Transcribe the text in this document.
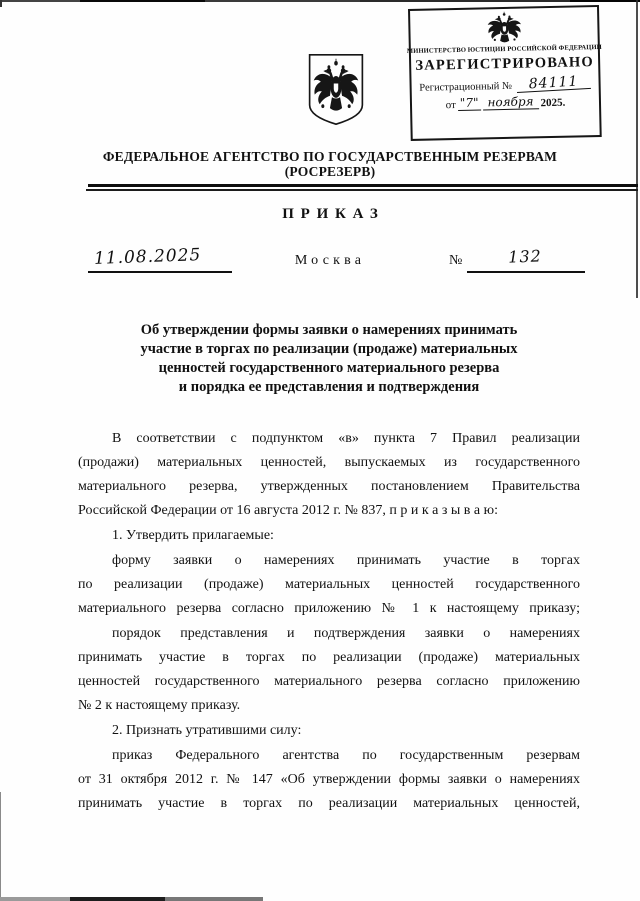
МИНИСТЕРСТВО ЮСТИЦИИ РОССИЙСКОЙ ФЕДЕРАЦИИ
ЗАРЕГИСТРИРОВАНО
Регистрационный №	84111
от "7" ноября 2025.
ФЕДЕРАЛЬНОЕ АГЕНТСТВО ПО ГОСУДАРСТВЕННЫМ РЕЗЕРВАМ
(РОСРЕЗЕРВ)
ПРИКАЗ
11.08.2025	Москва	№	132
Об утверждении формы заявки о намерениях принимать
участие в торгах по реализации (продаже) материальных
ценностей государственного материального резерва
и порядка ее представления и подтверждения
В соответствии с подпунктом «в» пункта 7 Правил реализации
(продажи) материальных ценностей, выпускаемых из государственного
материального резерва, утвержденных постановлением Правительства
Российской Федерации от 16 августа 2012 г. № 837, п р и к а з ы в а ю:
1. Утвердить прилагаемые:
форму заявки о намерениях принимать участие в торгах
по реализации (продаже) материальных ценностей государственного
материального резерва согласно приложению № 1 к настоящему приказу;
порядок представления и подтверждения заявки о намерениях
принимать участие в торгах по реализации (продаже) материальных
ценностей государственного материального резерва согласно приложению
№ 2 к настоящему приказу.
2. Признать утратившими силу:
приказ Федерального агентства по государственным резервам
от 31 октября 2012 г. № 147 «Об утверждении формы заявки о намерениях
принимать участие в торгах по реализации материальных ценностей,
